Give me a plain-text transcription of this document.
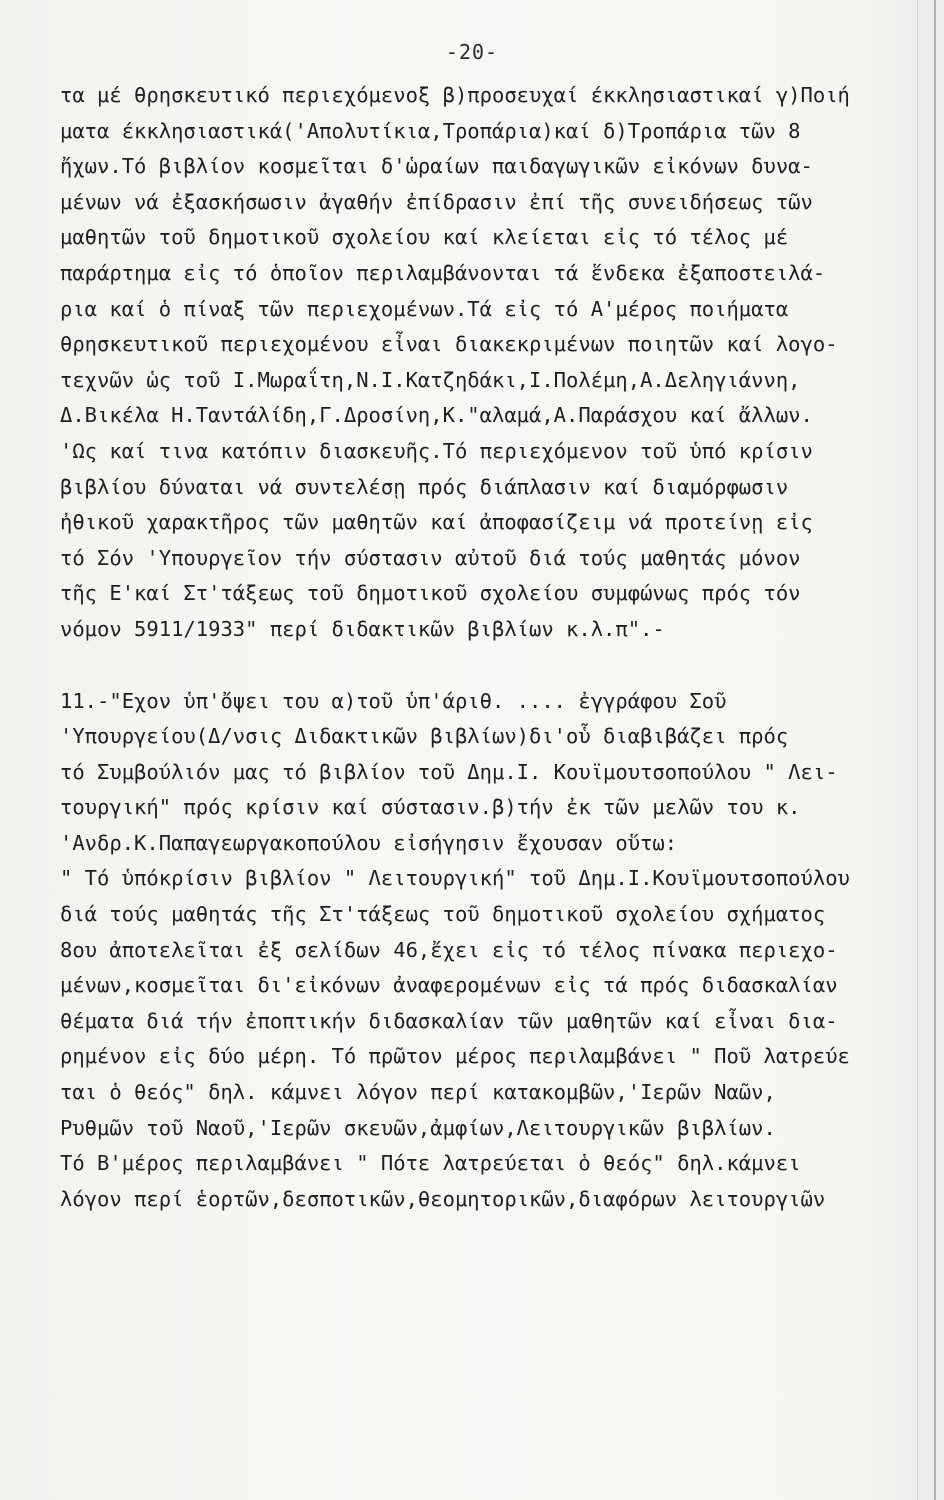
-20-
τα μέ θρησκευτικό περιεχόμενοξ β)προσευχαί έκκλησιαστικαί γ)Ποιή
ματα έκκλησιαστικά('Απολυτίκια,Τροπάρια)καί δ)Τροπάρια τῶν 8
ἤχων.Τό βιβλίον κοσμεῖται δ'ὡραίων παιδαγωγικῶν εἰκόνων δυνα-
μένων νά ἐξασκήσωσιν ἀγαθήν ἐπίδρασιν ἐπί τῆς συνειδήσεως τῶν
μαθητῶν τοῦ δημοτικοῦ σχολείου καί κλείεται εἰς τό τέλος μέ
παράρτημα εἰς τό ὁποῖον περιλαμβάνονται τά ἕνδεκα ἐξαποστειλά-
ρια καί ὁ πίναξ τῶν περιεχομένων.Τά εἰς τό Α'μέρος ποιήματα
θρησκευτικοῦ περιεχομένου εἶναι διακεκριμένων ποιητῶν καί λογο-
τεχνῶν ὡς τοῦ Ι.Μωραΐτη,Ν.Ι.Κατζηδάκι,Ι.Πολέμη,Α.Δεληγιάννη,
Δ.Βικέλα Η.Ταντάλίδη,Γ.Δροσίνη,Κ."αλαμά,Α.Παράσχου καί ἄλλων.
'Ως καί τινα κατόπιν διασκευῆς.Τό περιεχόμενον τοῦ ὑπό κρίσιν
βιβλίου δύναται νά συντελέσῃ πρός διάπλασιν καί διαμόρφωσιν
ἠθικοῦ χαρακτῆρος τῶν μαθητῶν καί ἀποφασίζειμ νά προτείνῃ εἰς
τό Σόν 'Υπουργεῖον τήν σύστασιν αὐτοῦ διά τούς μαθητάς μόνον
τῆς Ε'καί Στ'τάξεως τοῦ δημοτικοῦ σχολείου συμφώνως πρός τόν
νόμον 5911/1933" περί διδακτικῶν βιβλίων κ.λ.π".-
11.-"Εχον ὑπ'ὄψει του α)τοῦ ὑπ'άριθ. .... ἐγγράφου Σοῦ
'Υπουργείου(Δ/νσις Διδακτικῶν βιβλίων)δι'οὗ διαβιβάζει πρός
τό Συμβούλιόν μας τό βιβλίον τοῦ Δημ.Ι. Κουϊμουτσοπούλου " Λει-
τουργική" πρός κρίσιν καί σύστασιν.β)τήν ἐκ τῶν μελῶν του κ.
'Ανδρ.Κ.Παπαγεωργακοπούλου εἰσήγησιν ἔχουσαν οὕτω:
" Τό ὑπόκρίσιν βιβλίον " Λειτουργική" τοῦ Δημ.Ι.Κουϊμουτσοπούλου
διά τούς μαθητάς τῆς Στ'τάξεως τοῦ δημοτικοῦ σχολείου σχήματος
8ου ἀποτελεῖται ἐξ σελίδων 46,ἔχει εἰς τό τέλος πίνακα περιεχο-
μένων,κοσμεῖται δι'εἰκόνων ἀναφερομένων εἰς τά πρός διδασκαλίαν
θέματα διά τήν ἐποπτικήν διδασκαλίαν τῶν μαθητῶν καί εἶναι δια-
ρημένον εἰς δύο μέρη. Τό πρῶτον μέρος περιλαμβάνει " Ποῦ λατρεύε
ται ὁ θεός" δηλ. κάμνει λόγον περί κατακομβῶν,'Ιερῶν Ναῶν,
Ρυθμῶν τοῦ Ναοῦ,'Ιερῶν σκευῶν,ἀμφίων,Λειτουργικῶν βιβλίων.
Τό Β'μέρος περιλαμβάνει " Πότε λατρεύεται ὁ θεός" δηλ.κάμνει
λόγον περί ἑορτῶν,δεσποτικῶν,θεομητορικῶν,διαφόρων λειτουργιῶν
